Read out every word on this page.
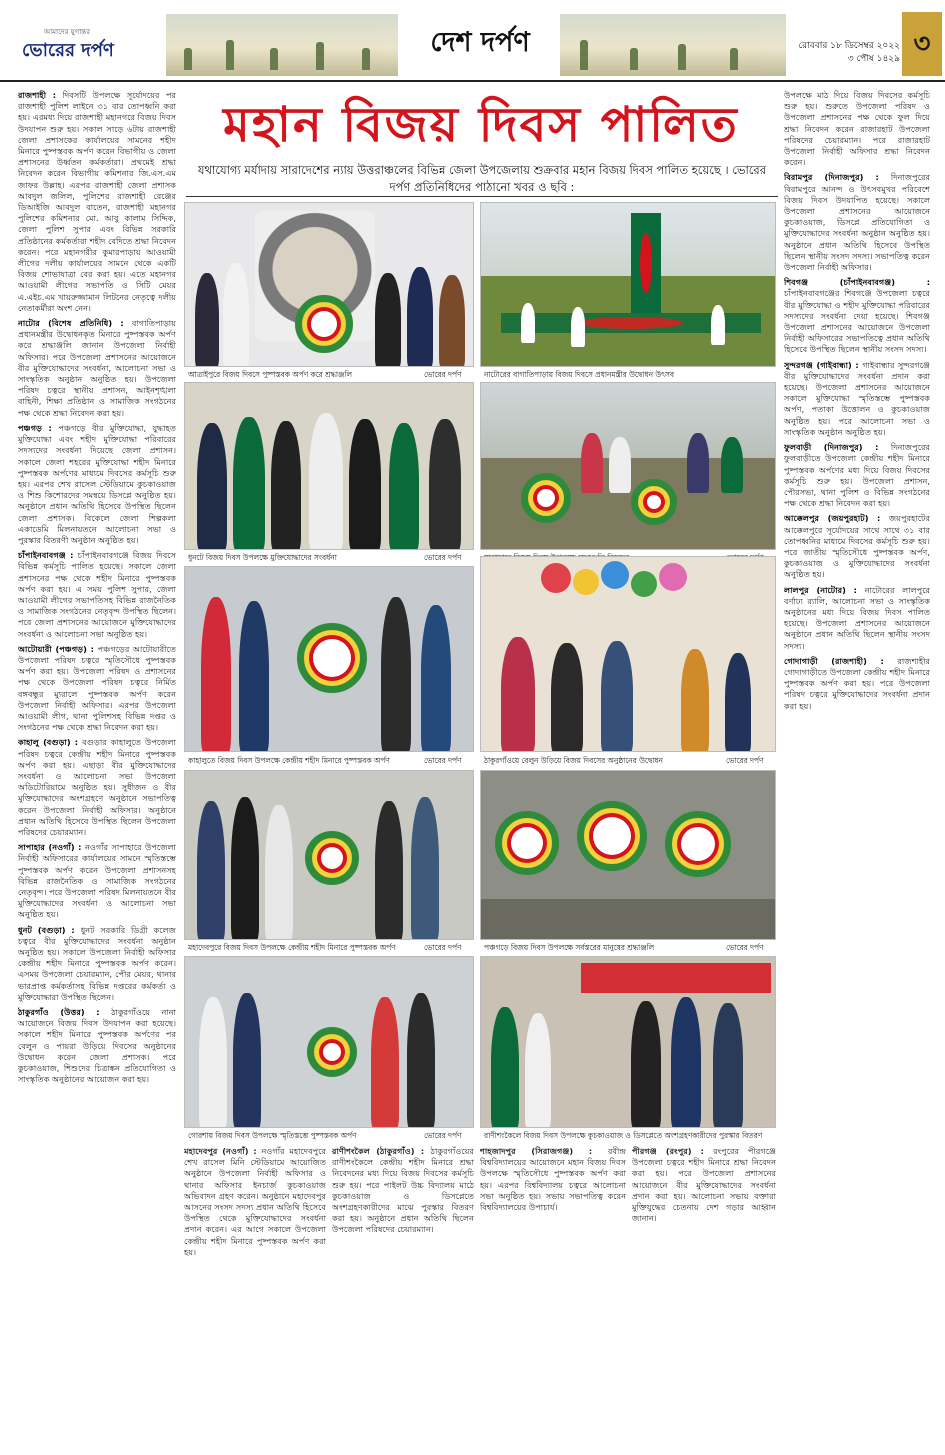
আমাদের যুগান্তর
ভোরের দর্পণ	দেশ দর্পণ	রোববার ১৮ ডিসেম্বর ২০২২
৩ পৌষ ১৪২৯ ৩
মহান বিজয় দিবস পালিত
যথাযোগ্য মর্যাদায় সারাদেশের ন্যায় উত্তরাঞ্চলের বিভিন্ন জেলা উপজেলায় শুক্রবার মহান বিজয় দিবস পালিত হয়েছে । ভোরের দর্পণ প্রতিনিধিদের পাঠানো খবর ও ছবি :

রাজশাহী : দিবসটি উপলক্ষে সূর্যোদয়ের পর রাজশাহী পুলিশ লাইনে ৩১ বার তোপধ্বনি করা হয়। এরমধ্য দিয়ে রাজশাহী মহানগরে বিজয় দিবস উদযাপন শুরু হয়। সকাল সাড়ে ৬টায় রাজশাহী জেলা প্রশাসকের কার্যালয়ের সামনের শহীদ মিনারে পুষ্পস্তবক অর্পণ করেন বিভাগীয় ও জেলা প্রশাসনের উর্ধ্বতন কর্মকর্তারা। প্রথমেই শ্রদ্ধা নিবেদন করেন বিভাগীয় কমিশনার জি.এস.এম জাফর উল্লাহ। এরপর রাজশাহী জেলা প্রশাসক আবদুল জলিল, পুলিশের রাজশাহী রেঞ্জের ডিআইজি আবদুল বাতেন, রাজশাহী মহানগর পুলিশের কমিশনার মো. আবু কালাম সিদ্দিক, জেলা পুলিশ সুপার এবং বিভিন্ন সরকারি প্রতিষ্ঠানের কর্মকর্তারা শহীদ বেদিতে শ্রদ্ধা নিবেদন করেন। পরে মহানগরীর কুমারপাড়ায় আওয়ামী লীগের দলীয় কার্যালয়ের সামনে থেকে একটি বিজয় শোভাযাত্রা বের করা হয়। এতে মহানগর আওয়ামী লীগের সভাপতি ও সিটি মেয়র এ.এইচ.এম খায়রুজ্জামান লিটনের নেতৃত্বে দলীয় নেতাকর্মীরা অংশ নেন।

নাটোর (বিশেষ প্রতিনিধি) : বাগাতিপাড়ায় প্রধানমন্ত্রীর উদ্বোধনকৃত মিনারে পুষ্পস্তবক অর্পণ করে শ্রদ্ধাঞ্জলি জানান উপজেলা নির্বাহী অফিসার। পরে উপজেলা প্রশাসনের আয়োজনে বীর মুক্তিযোদ্ধাদের সংবর্ধনা, আলোচনা সভা ও সাংস্কৃতিক অনুষ্ঠান অনুষ্ঠিত হয়। উপজেলা পরিষদ চত্বরে স্থানীয় প্রশাসন, আইনশৃঙ্খলা বাহিনী, শিক্ষা প্রতিষ্ঠান ও সামাজিক সংগঠনের পক্ষ থেকে শ্রদ্ধা নিবেদন করা হয়।

পঞ্চগড় : পঞ্চগড়ে বীর মুক্তিযোদ্ধা, যুদ্ধাহত মুক্তিযোদ্ধা এবং শহীদ মুক্তিযোদ্ধা পরিবারের সদস্যদের সংবর্ধনা দিয়েছে জেলা প্রশাসন। সকালে জেলা শহরের মুক্তিযোদ্ধা শহীদ মিনারে পুষ্পস্তবক অর্পণের মাধ্যমে দিবসের কর্মসূচি শুরু হয়। এরপর শেখ রাসেল স্টেডিয়ামে কুচকাওয়াজ ও শিশু কিশোরদের সমন্বয়ে ডিসপ্লে অনুষ্ঠিত হয়। অনুষ্ঠানে প্রধান অতিথি হিসেবে উপস্থিত ছিলেন জেলা প্রশাসক। বিকেলে জেলা শিল্পকলা একাডেমি মিলনায়তনে আলোচনা সভা ও পুরস্কার বিতরণী অনুষ্ঠান অনুষ্ঠিত হয়।

চাঁপাইনবাবগঞ্জ : চাঁপাইনবাবগঞ্জে বিজয় দিবসে বিভিন্ন কর্মসূচি পালিত হয়েছে। সকালে জেলা প্রশাসনের পক্ষ থেকে শহীদ মিনারে পুষ্পস্তবক অর্পণ করা হয়। এ সময় পুলিশ সুপার, জেলা আওয়ামী লীগের সভাপতিসহ বিভিন্ন রাজনৈতিক ও সামাজিক সংগঠনের নেতৃবৃন্দ উপস্থিত ছিলেন। পরে জেলা প্রশাসনের আয়োজনে মুক্তিযোদ্ধাদের সংবর্ধনা ও আলোচনা সভা অনুষ্ঠিত হয়।

আটোয়ারী (পঞ্চগড়) : পঞ্চগড়ের আটোয়ারীতে উপজেলা পরিষদ চত্বরে স্মৃতিসৌধে পুষ্পস্তবক অর্পণ করা হয়। উপজেলা পরিষদ ও প্রশাসনের পক্ষ থেকে উপজেলা পরিষদ চত্বরে নির্মিত বঙ্গবন্ধুর ম্যুরালে পুষ্পস্তবক অর্পণ করেন উপজেলা নির্বাহী অফিসার। এরপর উপজেলা আওয়ামী লীগ, থানা পুলিশসহ বিভিন্ন দপ্তর ও সংগঠনের পক্ষ থেকে শ্রদ্ধা নিবেদন করা হয়।

কাহালু (বগুড়া) : বগুড়ার কাহালুতে উপজেলা পরিষদ চত্বরে কেন্দ্রীয় শহীদ মিনারে পুষ্পস্তবক অর্পণ করা হয়। এছাড়া বীর মুক্তিযোদ্ধাদের সংবর্ধনা ও আলোচনা সভা উপজেলা অডিটোরিয়ামে অনুষ্ঠিত হয়। সুধীজন ও বীর মুক্তিযোদ্ধাদের অংশগ্রহণে অনুষ্ঠানে সভাপতিত্ব করেন উপজেলা নির্বাহী অফিসার। অনুষ্ঠানে প্রধান অতিথি হিসেবে উপস্থিত ছিলেন উপজেলা পরিষদের চেয়ারম্যান।

সাপাহার (নওগাঁ) : নওগাঁর সাপাহারে উপজেলা নির্বাহী অফিসারের কার্যালয়ের সামনে স্মৃতিস্তম্ভে পুষ্পস্তবক অর্পণ করেন উপজেলা প্রশাসনসহ বিভিন্ন রাজনৈতিক ও সামাজিক সংগঠনের নেতৃবৃন্দ। পরে উপজেলা পরিষদ মিলনায়তনে বীর মুক্তিযোদ্ধাদের সংবর্ধনা ও আলোচনা সভা অনুষ্ঠিত হয়।

ধুনট (বগুড়া) : ধুনট সরকারি ডিগ্রী কলেজ চত্বরে বীর মুক্তিযোদ্ধাদের সংবর্ধনা অনুষ্ঠান অনুষ্ঠিত হয়। সকালে উপজেলা নির্বাহী অফিসার কেন্দ্রীয় শহীদ মিনারে পুষ্পস্তবক অর্পণ করেন। এসময় উপজেলা চেয়ারম্যান, পৌর মেয়র, থানার ভারপ্রাপ্ত কর্মকর্তাসহ বিভিন্ন দপ্তরের কর্মকর্তা ও মুক্তিযোদ্ধারা উপস্থিত ছিলেন।

ঠাকুরগাঁও (উত্তর) : ঠাকুরগাঁওয়ে নানা আয়োজনে বিজয় দিবস উদযাপন করা হয়েছে। সকালে শহীদ মিনারে পুষ্পস্তবক অর্পণের পর বেলুন ও পায়রা উড়িয়ে দিবসের অনুষ্ঠানের উদ্বোধন করেন জেলা প্রশাসক। পরে কুচকাওয়াজ, শিশুদের চিত্রাঙ্কন প্রতিযোগিতা ও সাংস্কৃতিক অনুষ্ঠানের আয়োজন করা হয়।

উপলক্ষে মাঠ দিয়ে বিজয় দিবসের কর্মসূচি শুরু হয়। শুরুতে উপজেলা পরিষদ ও উপজেলা প্রশাসনের পক্ষ থেকে ফুল দিয়ে শ্রদ্ধা নিবেদন করেন রাজারহাট উপজেলা পরিষদের চেয়ারম্যান। পরে রাজারহাট উপজেলা নির্বাহী অফিসার শ্রদ্ধা নিবেদন করেন।

বিরামপুর (দিনাজপুর) : দিনাজপুরের বিরামপুরে আনন্দ ও উৎসবমুখর পরিবেশে বিজয় দিবস উদযাপিত হয়েছে। সকালে উপজেলা প্রশাসনের আয়োজনে কুচকাওয়াজ, ডিসপ্লে প্রতিযোগিতা ও মুক্তিযোদ্ধাদের সংবর্ধনা অনুষ্ঠান অনুষ্ঠিত হয়। অনুষ্ঠানে প্রধান অতিথি হিসেবে উপস্থিত ছিলেন স্থানীয় সংসদ সদস্য। সভাপতিত্ব করেন উপজেলা নির্বাহী অফিসার।

শিবগঞ্জ (চাঁপাইনবাবগঞ্জ) : চাঁপাইনবাবগঞ্জের শিবগঞ্জে উপজেলা চত্বরে বীর মুক্তিযোদ্ধা ও শহীদ মুক্তিযোদ্ধা পরিবারের সদস্যদের সংবর্ধনা দেয়া হয়েছে। শিবগঞ্জ উপজেলা প্রশাসনের আয়োজনে উপজেলা নির্বাহী অফিসারের সভাপতিত্বে প্রধান অতিথি হিসেবে উপস্থিত ছিলেন স্থানীয় সংসদ সদস্য।

সুন্দরগঞ্জ (গাইবান্ধা) : গাইবান্ধার সুন্দরগঞ্জে বীর মুক্তিযোদ্ধাদের সংবর্ধনা প্রদান করা হয়েছে। উপজেলা প্রশাসনের আয়োজনে সকালে মুক্তিযোদ্ধা স্মৃতিস্তম্ভে পুষ্পস্তবক অর্পণ, পতাকা উত্তোলন ও কুচকাওয়াজ অনুষ্ঠিত হয়। পরে আলোচনা সভা ও সাংস্কৃতিক অনুষ্ঠান অনুষ্ঠিত হয়।

ফুলবাড়ী (দিনাজপুর) : দিনাজপুরের ফুলবাড়ীতে উপজেলা কেন্দ্রীয় শহীদ মিনারে পুষ্পস্তবক অর্পণের মধ্য দিয়ে বিজয় দিবসের কর্মসূচি শুরু হয়। উপজেলা প্রশাসন, পৌরসভা, থানা পুলিশ ও বিভিন্ন সংগঠনের পক্ষ থেকে শ্রদ্ধা নিবেদন করা হয়।

আক্কেলপুর (জয়পুরহাট) : জয়পুরহাটের আক্কেলপুরে সূর্যোদয়ের সাথে সাথে ৩১ বার তোপধ্বনির মাধ্যমে দিবসের কর্মসূচি শুরু হয়। পরে জাতীয় স্মৃতিসৌধে পুষ্পস্তবক অর্পণ, কুচকাওয়াজ ও মুক্তিযোদ্ধাদের সংবর্ধনা অনুষ্ঠিত হয়।

লালপুর (নাটোর) : নাটোরের লালপুরে বর্ণাঢ্য র‌্যালি, আলোচনা সভা ও সাংস্কৃতিক অনুষ্ঠানের মধ্য দিয়ে বিজয় দিবস পালিত হয়েছে। উপজেলা প্রশাসনের আয়োজনে অনুষ্ঠানে প্রধান অতিথি ছিলেন স্থানীয় সংসদ সদস্য।

গোদাগাড়ী (রাজশাহী) : রাজশাহীর গোদাগাড়ীতে উপজেলা কেন্দ্রীয় শহীদ মিনারে পুষ্পস্তবক অর্পণ করা হয়। পরে উপজেলা পরিষদ চত্বরে মুক্তিযোদ্ধাদের সংবর্ধনা প্রদান করা হয়।

আত্রাইপুরে বিজয় দিবসে পুষ্পস্তবক অর্পণ করে শ্রদ্ধাঞ্জলি	ভোরের দর্পণ	নাটোরের বাগাতিপাড়ায় বিজয় দিবসে প্রধানমন্ত্রীর উদ্বোধন উৎসব
ধুনটে বিজয় দিবস উপলক্ষে মুক্তিযোদ্ধাদের সংবর্ধনা	ভোরের দর্পণ
কাহালুতে বিজয় দিবস উপলক্ষে কেন্দ্রীয় শহীদ মিনারে পুষ্পস্তবক অর্পণ	ভোরের দর্পণ	ঠাকুরগাঁওয়ে বেলুন উড়িয়ে বিজয় দিবসের অনুষ্ঠানের উদ্বোধন	ভোরের দর্পণ
মহাদেবপুরে বিজয় দিবস উপলক্ষে কেন্দ্রীয় শহীদ মিনারে পুষ্পস্তবক অর্পণ	ভোরের দর্পণ	পঞ্চগড়ে বিজয় দিবস উপলক্ষে সর্বস্তরের মানুষের শ্রদ্ধাঞ্জলি	ভোরের দর্পণ
গোরশায় বিজয় দিবস উপলক্ষে স্মৃতিস্তম্ভে পুষ্পস্তবক অর্পণ	ভোরের দর্পণ	রাণীশংকৈলে বিজয় দিবস উপলক্ষে কুচকাওয়াজ ও ডিসপ্লেতে অংশগ্রহণকারীদের পুরস্কার বিতরণ

মহাদেবপুর (নওগাঁ) : নওগাঁর মহাদেবপুরে শেখ রাসেল মিনি স্টেডিয়ামে আয়োজিত অনুষ্ঠানে উপজেলা নির্বাহী অফিসার ও থানার অফিসার ইনচার্জ কুচকাওয়াজ অভিবাদন গ্রহণ করেন। অনুষ্ঠানে মহাদেবপুর আসনের সংসদ সদস্য প্রধান অতিথি হিসেবে উপস্থিত থেকে মুক্তিযোদ্ধাদের সংবর্ধনা প্রদান করেন। এর আগে সকালে উপজেলা কেন্দ্রীয় শহীদ মিনারে পুষ্পস্তবক অর্পণ করা হয়।

রাণীশংকৈল (ঠাকুরগাঁও) : ঠাকুরগাঁওয়ের রাণীশংকৈলে কেন্দ্রীয় শহীদ মিনারে শ্রদ্ধা নিবেদনের মধ্য দিয়ে বিজয় দিবসের কর্মসূচি শুরু হয়। পরে পাইলট উচ্চ বিদ্যালয় মাঠে কুচকাওয়াজ ও ডিসপ্লেতে অংশগ্রহণকারীদের মাঝে পুরস্কার বিতরণ করা হয়। অনুষ্ঠানে প্রধান অতিথি ছিলেন উপজেলা পরিষদের চেয়ারম্যান।

শাহজাদপুর (সিরাজগঞ্জ) : রবীন্দ্র বিশ্ববিদ্যালয়ের আয়োজনে মহান বিজয় দিবস উপলক্ষে স্মৃতিসৌধে পুষ্পস্তবক অর্পণ করা হয়। এরপর বিশ্ববিদ্যালয় চত্বরে আলোচনা সভা অনুষ্ঠিত হয়। সভায় সভাপতিত্ব করেন বিশ্ববিদ্যালয়ের উপাচার্য।

পীরগঞ্জ (রংপুর) : রংপুরের পীরগঞ্জে উপজেলা চত্বরে শহীদ মিনারে শ্রদ্ধা নিবেদন করা হয়। পরে উপজেলা প্রশাসনের আয়োজনে বীর মুক্তিযোদ্ধাদের সংবর্ধনা প্রদান করা হয়। আলোচনা সভায় বক্তারা মুক্তিযুদ্ধের চেতনায় দেশ গড়ার আহ্বান জানান।
